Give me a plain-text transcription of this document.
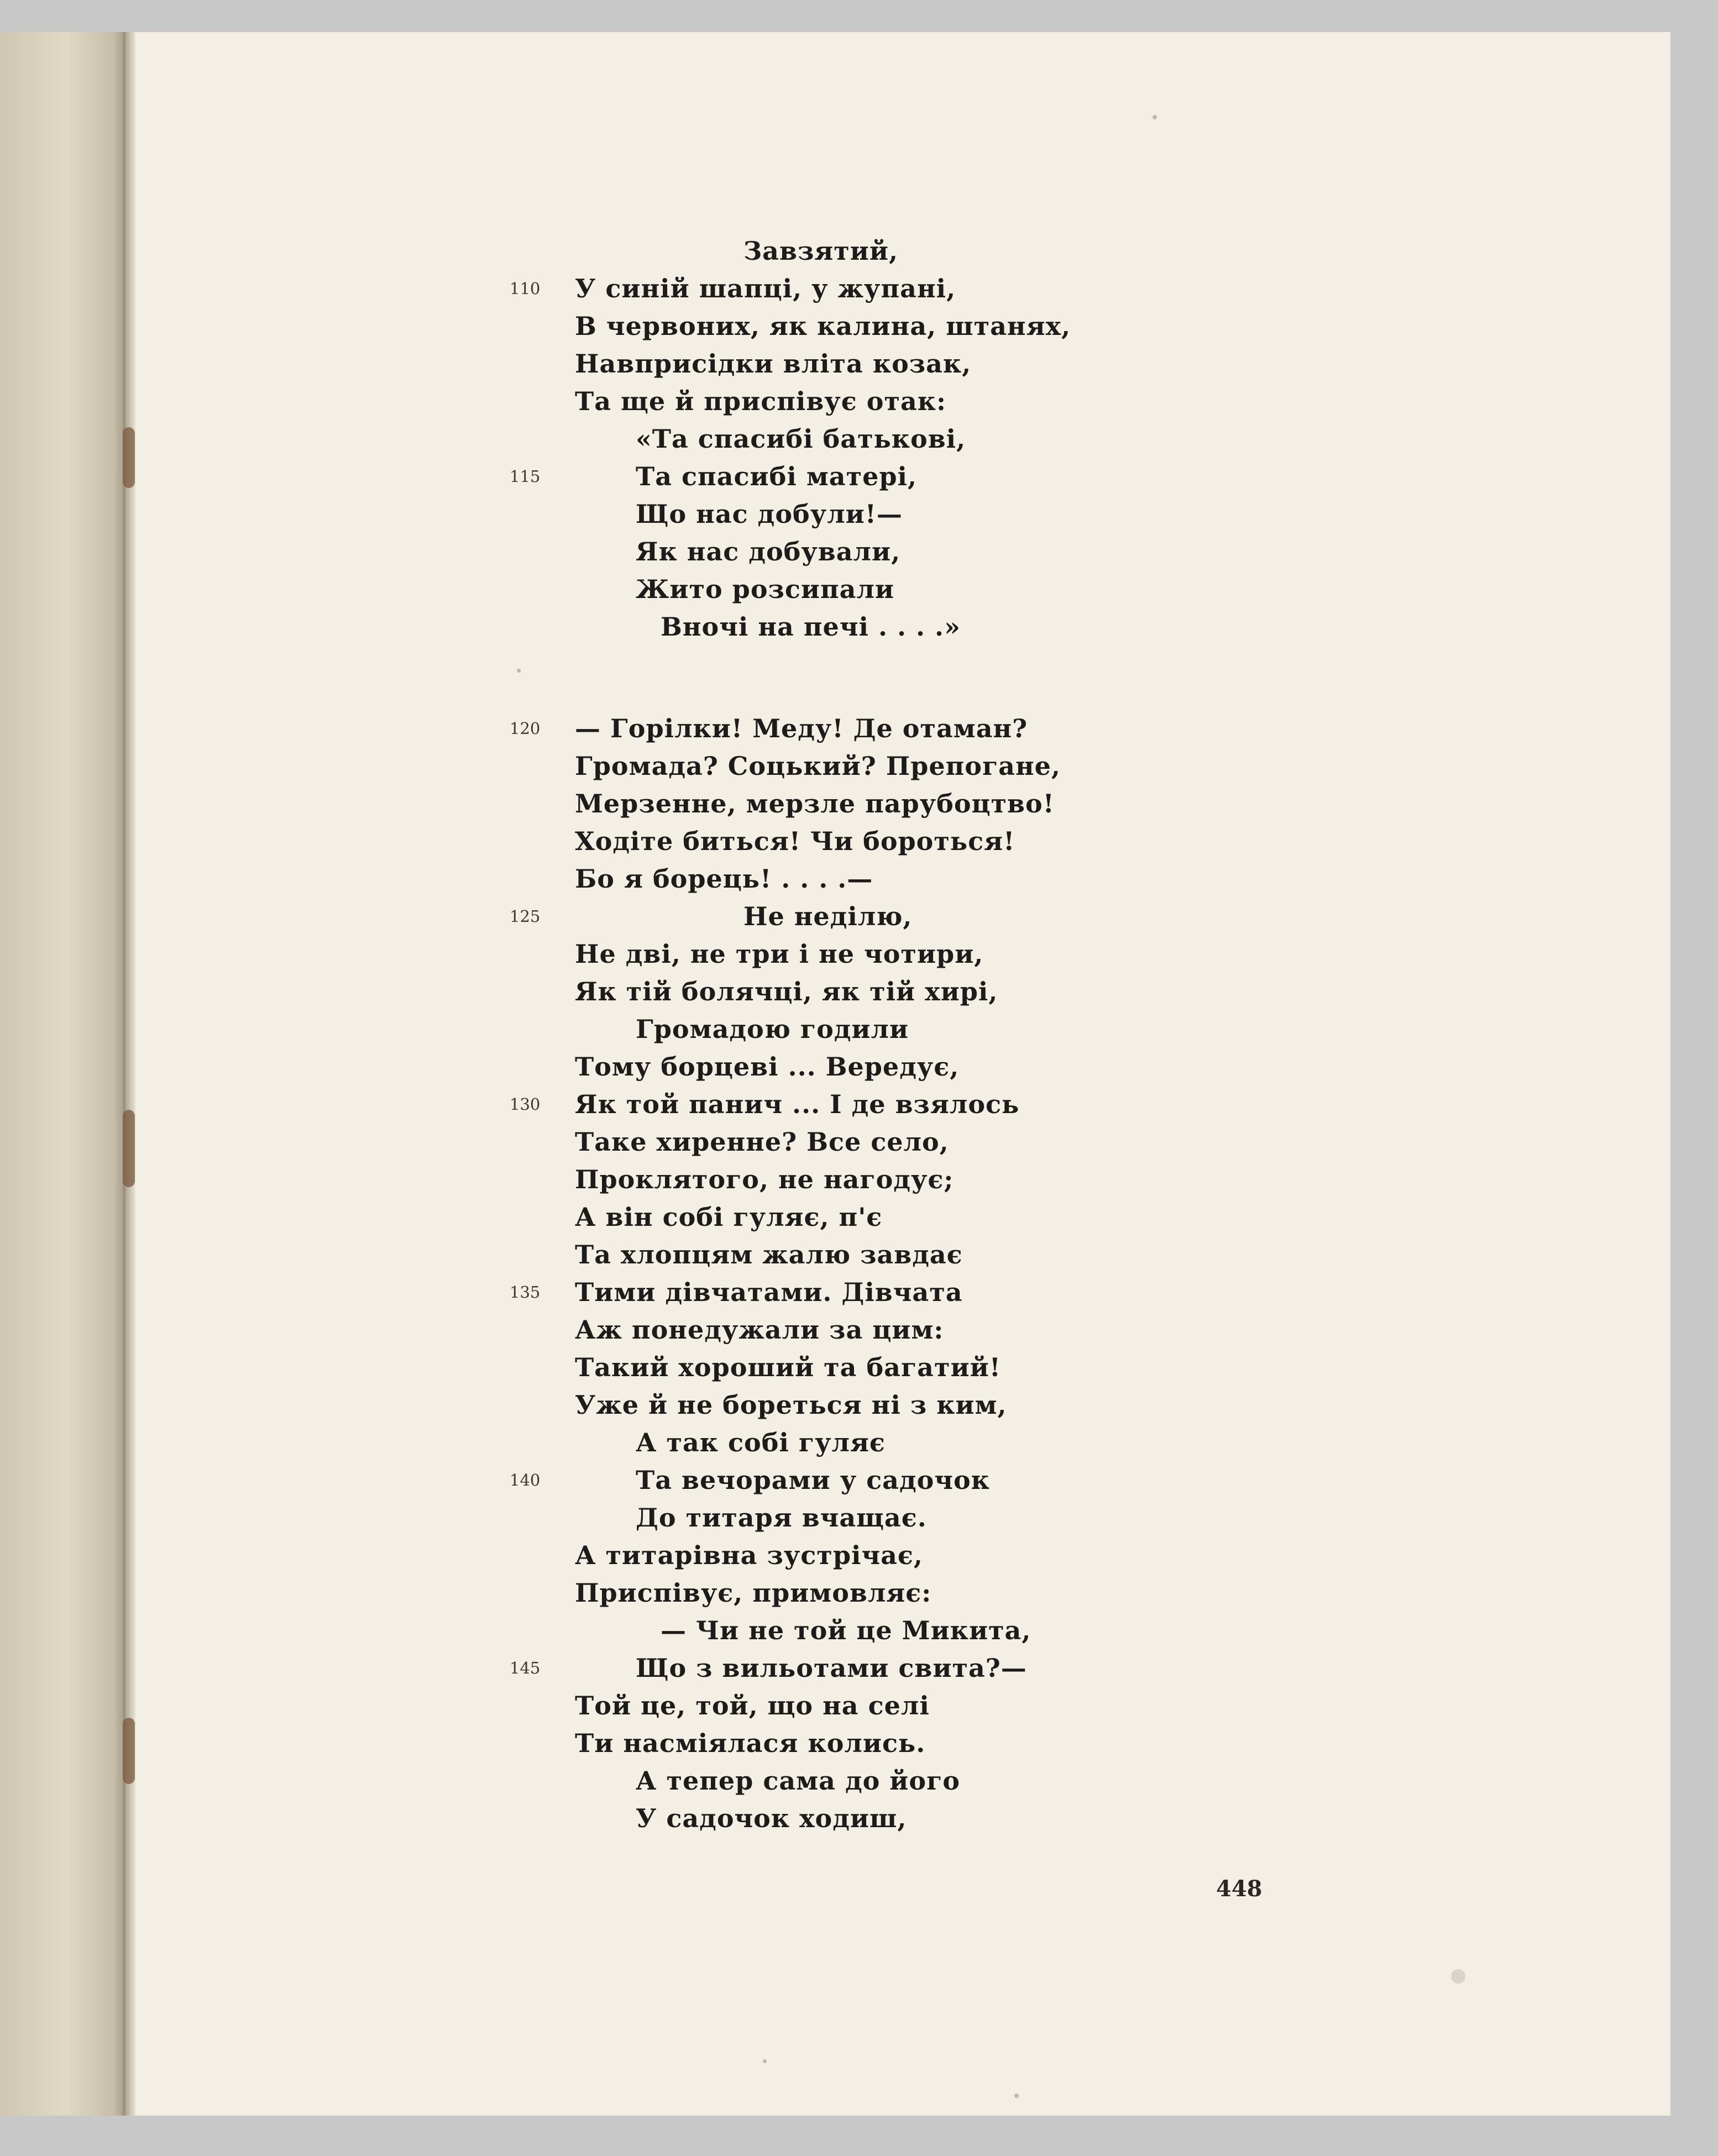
Завзятий,
У синій шапці, у жупані,
В червоних, як калина, штанях,
Навприсідки вліта козак,
Та ще й приспівує отак:
«Та спасибі батькові,
Та спасибі матері,
Що нас добули!—
Як нас добували,
Жито розсипали
Вночі на печі . . . .»
— Горілки! Меду! Де отаман?
Громада? Соцький? Препогане,
Мерзенне, мерзле парубоцтво!
Ходіте биться! Чи бороться!
Бо я борець! . . . .—
Не неділю,
Не дві, не три і не чотири,
Як тій болячці, як тій хирі,
Громадою годили
Тому борцеві ... Вередує,
Як той панич ... І де взялось
Таке хиренне? Все село,
Проклятого, не нагодує;
А він собі гуляє, п'є
Та хлопцям жалю завдає
Тими дівчатами. Дівчата
Аж понедужали за цим:
Такий хороший та багатий!
Уже й не бореться ні з ким,
А так собі гуляє
Та вечорами у садочок
До титаря вчащає.
А титарівна зустрічає,
Приспівує, примовляє:
— Чи не той це Микита,
Що з вильотами свита?—
Той це, той, що на селі
Ти насміялася колись.
А тепер сама до його
У садочок ходиш,
110
115
120
125
130
135
140
145
448
